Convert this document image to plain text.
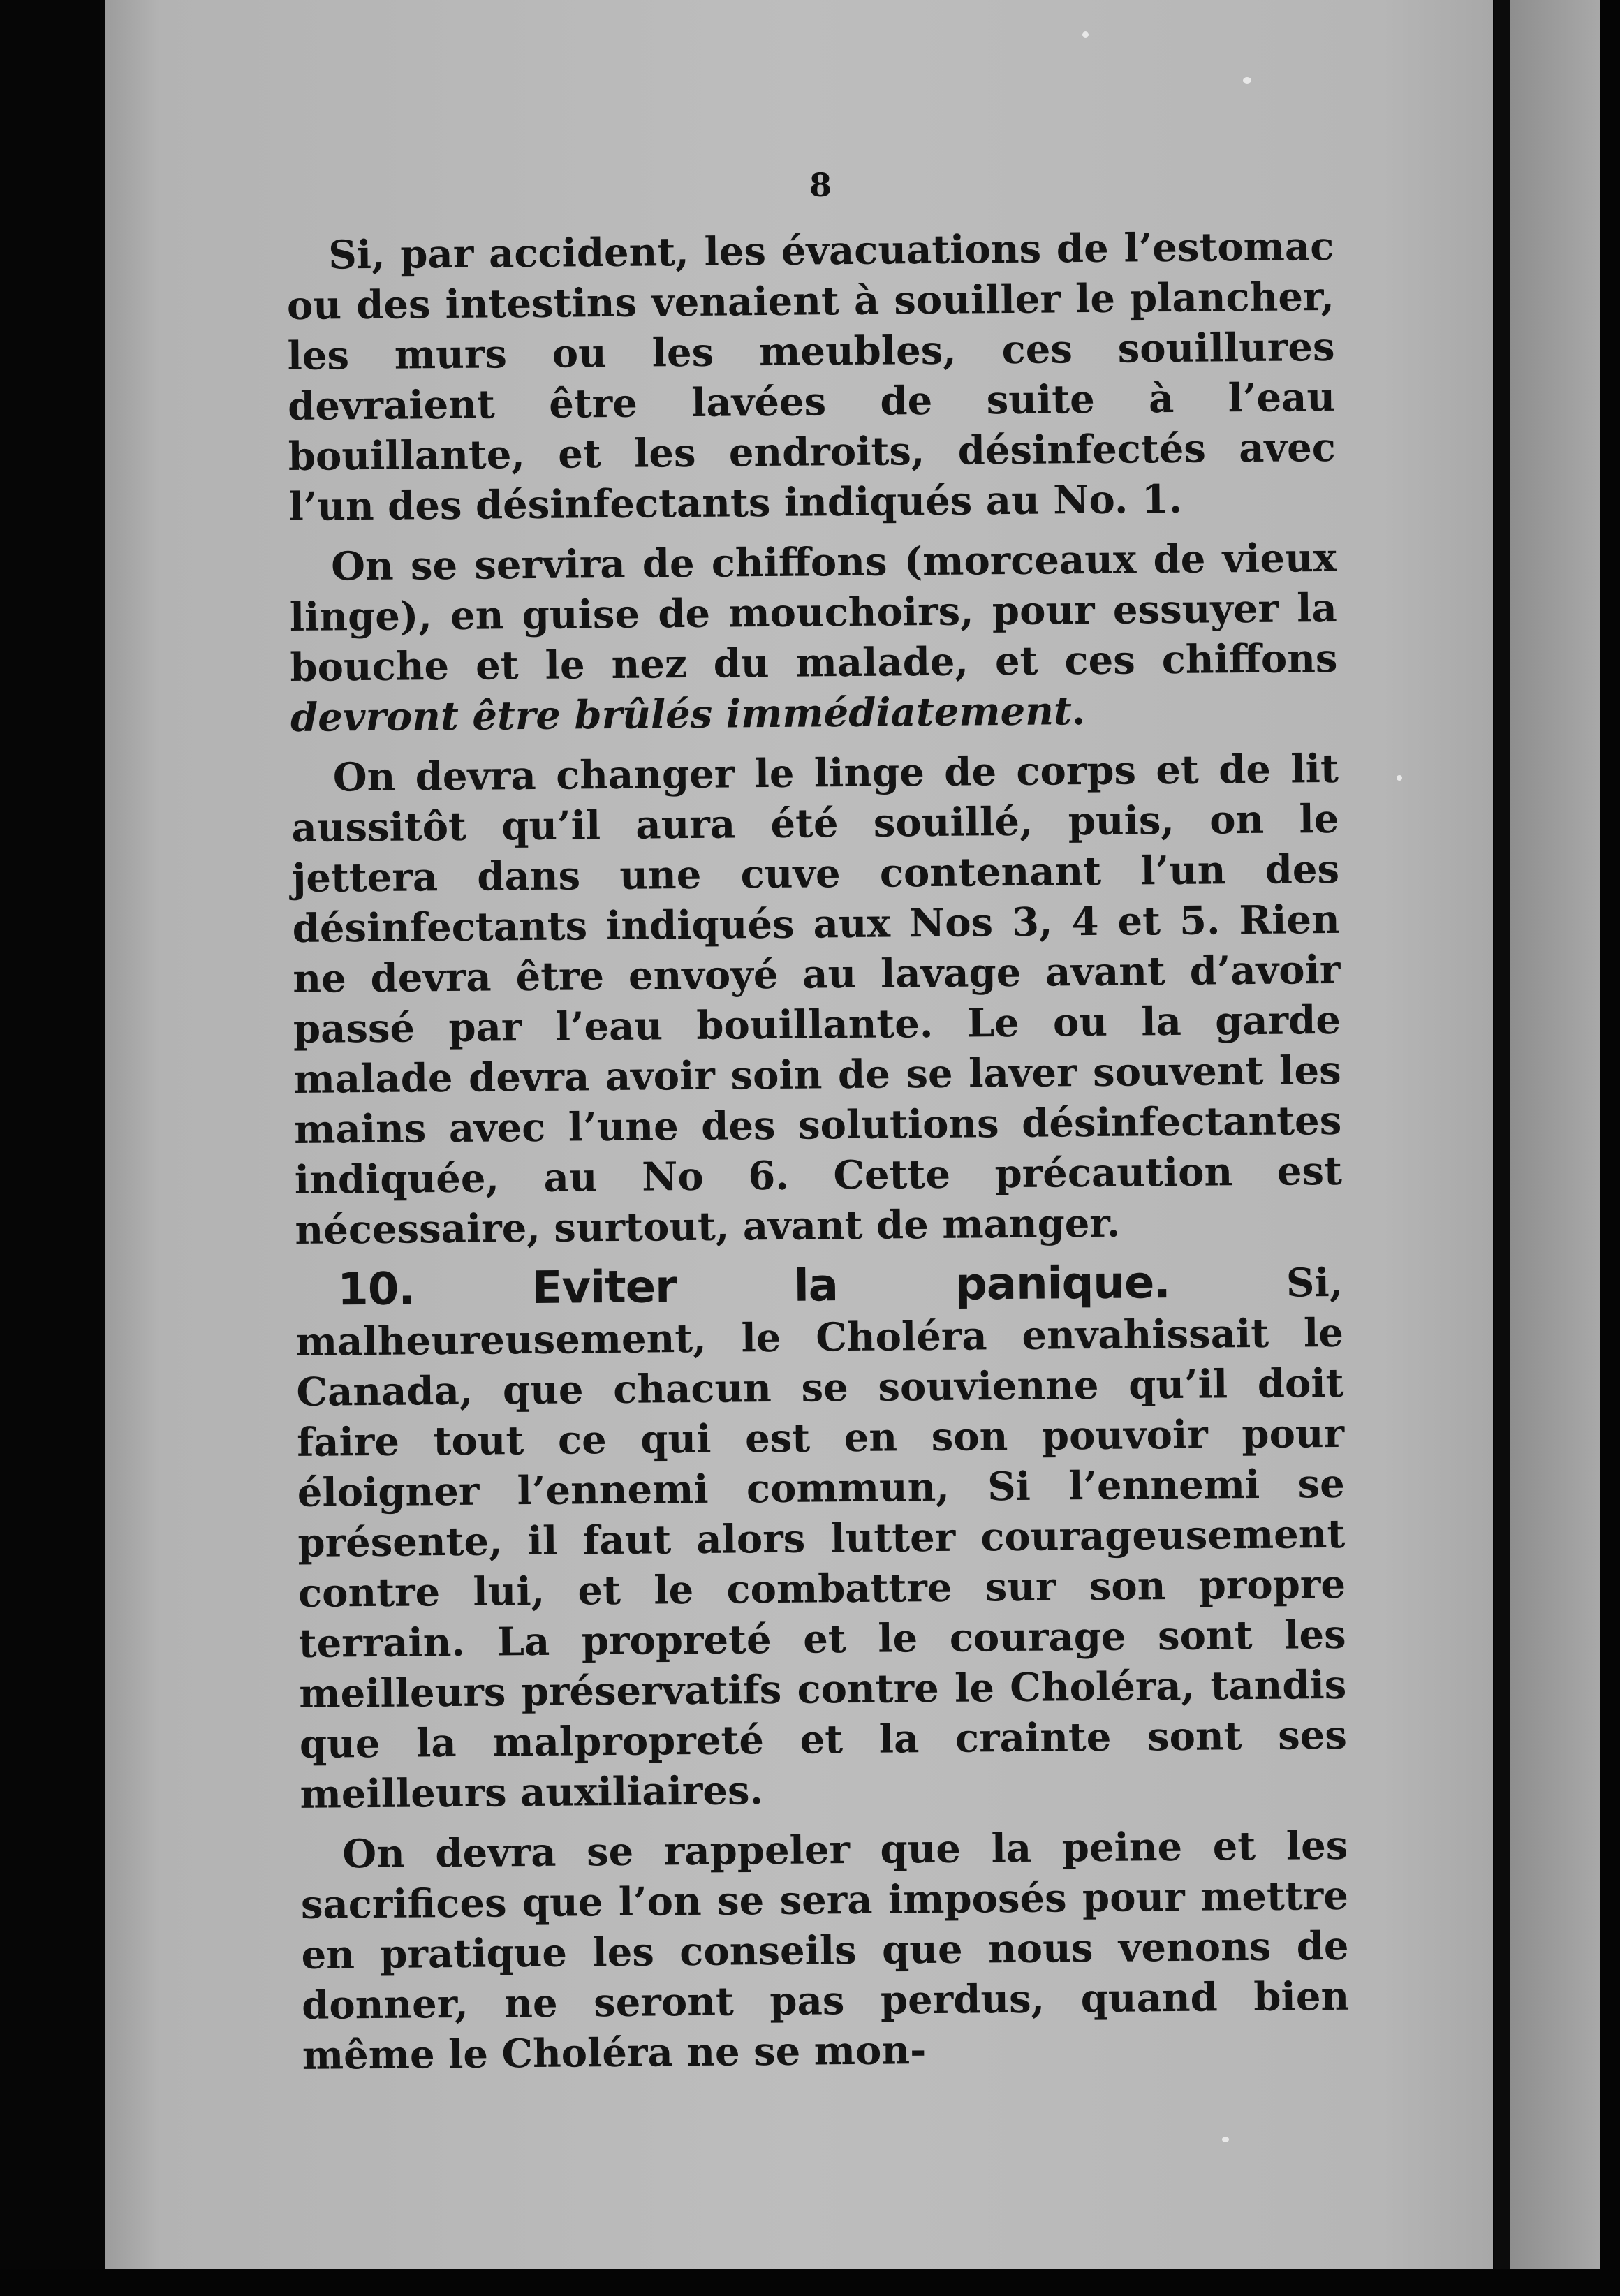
8

Si, par accident, les évacuations de l’estomac ou des intestins venaient à souiller le plancher, les murs ou les meubles, ces souillures devraient être lavées de suite à l’eau bouillante, et les endroits, désinfectés avec l’un des désinfectants indiqués au No. 1.

On se servira de chiffons (morceaux de vieux linge), en guise de mouchoirs, pour essuyer la bouche et le nez du malade, et ces chiffons devront être brûlés immédiatement.

On devra changer le linge de corps et de lit aussitôt qu’il aura été souillé, puis, on le jettera dans une cuve contenant l’un des désinfectants indiqués aux Nos 3, 4 et 5. Rien ne devra être envoyé au lavage avant d’avoir passé par l’eau bouillante. Le ou la garde malade devra avoir soin de se laver souvent les mains avec l’une des solutions désinfectantes indiquée, au No 6. Cette précaution est nécessaire, surtout, avant de manger.

10. Eviter la panique.	Si, malheureusement, le Choléra envahissait le Canada, que chacun se souvienne qu’il doit faire tout ce qui est en son pouvoir pour éloigner l’ennemi commun, Si l’ennemi se présente, il faut alors lutter courageusement contre lui, et le combattre sur son propre terrain. La propreté et le courage sont les meilleurs préservatifs contre le Choléra, tandis que la malpropreté et la crainte sont ses meilleurs auxiliaires.

On devra se rappeler que la peine et les sacrifices que l’on se sera imposés pour mettre en pratique les conseils que nous venons de donner, ne seront pas perdus, quand bien même le Choléra ne se mon-
